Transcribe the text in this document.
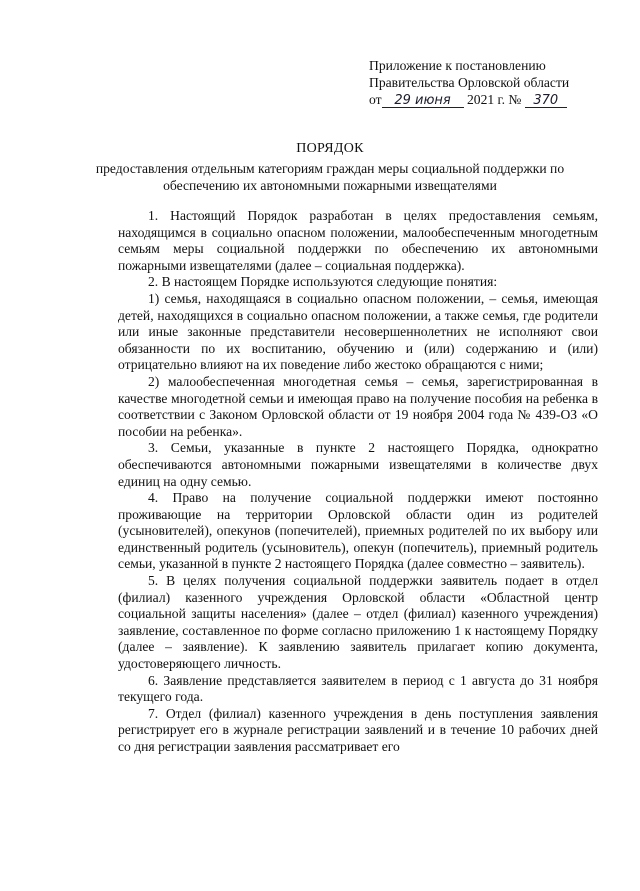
Приложение к постановлению
Правительства Орловской области
от 29 июня 2021 г. № 370
ПОРЯДОК
предоставления отдельным категориям граждан меры социальной поддержки по обеспечению их автономными пожарными извещателями

1. Настоящий Порядок разработан в целях предоставления семьям, находящимся в социально опасном положении, малообеспеченным многодетным семьям меры социальной поддержки по обеспечению их автономными пожарными извещателями (далее – социальная поддержка).

2. В настоящем Порядке используются следующие понятия:

1) семья, находящаяся в социально опасном положении, – семья, имеющая детей, находящихся в социально опасном положении, а также семья, где родители или иные законные представители несовершеннолетних не исполняют свои обязанности по их воспитанию, обучению и (или) содержанию и (или) отрицательно влияют на их поведение либо жестоко обращаются с ними;

2) малообеспеченная многодетная семья – семья, зарегистрированная в качестве многодетной семьи и имеющая право на получение пособия на ребенка в соответствии с Законом Орловской области от 19 ноября 2004 года № 439-ОЗ «О пособии на ребенка».

3. Семьи, указанные в пункте 2 настоящего Порядка, однократно обеспечиваются автономными пожарными извещателями в количестве двух единиц на одну семью.

4. Право на получение социальной поддержки имеют постоянно проживающие на территории Орловской области один из родителей (усыновителей), опекунов (попечителей), приемных родителей по их выбору или единственный родитель (усыновитель), опекун (попечитель), приемный родитель семьи, указанной в пункте 2 настоящего Порядка (далее совместно – заявитель).

5. В целях получения социальной поддержки заявитель подает в отдел (филиал) казенного учреждения Орловской области «Областной центр социальной защиты населения» (далее – отдел (филиал) казенного учреждения) заявление, составленное по форме согласно приложению 1 к настоящему Порядку (далее – заявление). К заявлению заявитель прилагает копию документа, удостоверяющего личность.

6. Заявление представляется заявителем в период с 1 августа до 31 ноября текущего года.

7. Отдел (филиал) казенного учреждения в день поступления заявления регистрирует его в журнале регистрации заявлений и в течение 10 рабочих дней со дня регистрации заявления рассматривает его
